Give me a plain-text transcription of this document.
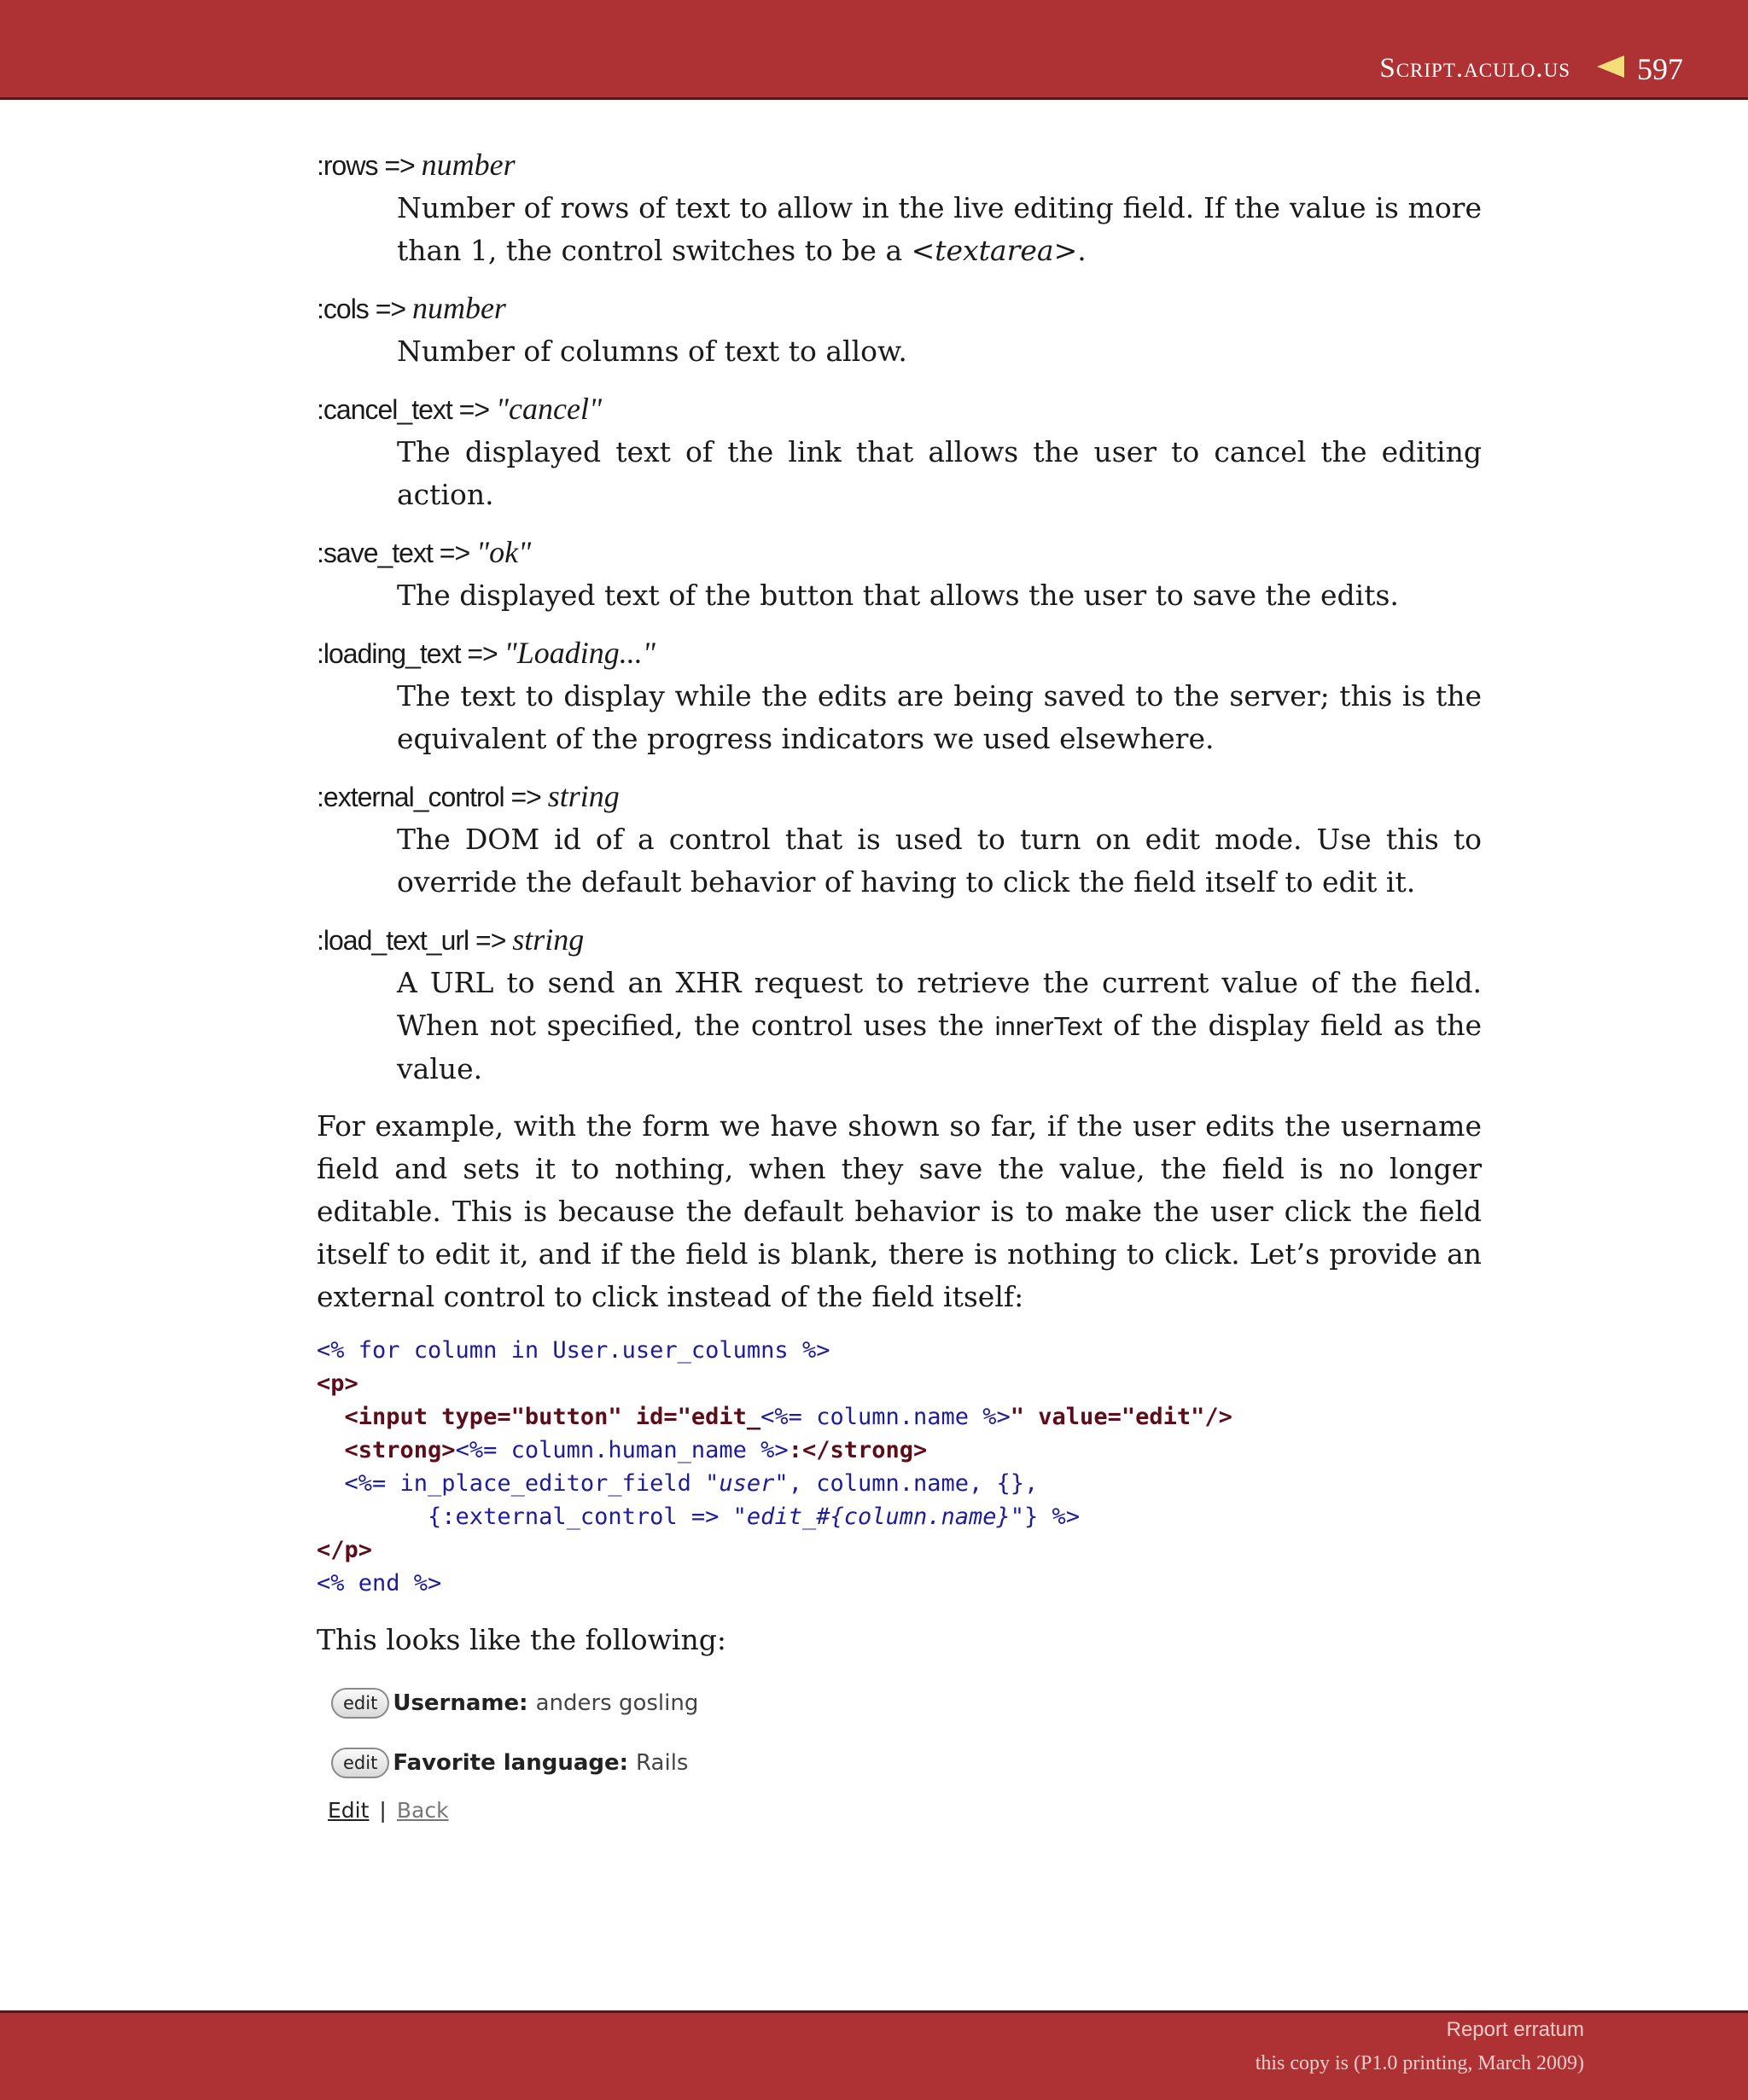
Script.aculo.us 597
:rows => number
Number of rows of text to allow in the live editing field. If the value is more than 1, the control switches to be a <textarea>.
:cols => number
Number of columns of text to allow.
:cancel_text => "cancel"
The displayed text of the link that allows the user to cancel the editing action.
:save_text => "ok"
The displayed text of the button that allows the user to save the edits.
:loading_text => "Loading..."
The text to display while the edits are being saved to the server; this is the equivalent of the progress indicators we used elsewhere.
:external_control => string
The DOM id of a control that is used to turn on edit mode. Use this to override the default behavior of having to click the field itself to edit it.
:load_text_url => string
A URL to send an XHR request to retrieve the current value of the field. When not specified, the control uses the innerText of the display field as the value.
For example, with the form we have shown so far, if the user edits the username field and sets it to nothing, when they save the value, the field is no longer editable. This is because the default behavior is to make the user click the field itself to edit it, and if the field is blank, there is nothing to click. Let’s provide an external control to click instead of the field itself:
<% for column in User.user_columns %>
<p>
<input type="button" id="edit_<%= column.name %>" value="edit"/>
<strong><%= column.human_name %>:</strong>
<%= in_place_editor_field "user", column.name, {},
{:external_control => "edit_#{column.name}"} %>
</p>
<% end %>
This looks like the following:
edit Username: anders gosling
edit Favorite language: Rails
Edit | Back
Report erratum
this copy is (P1.0 printing, March 2009)
